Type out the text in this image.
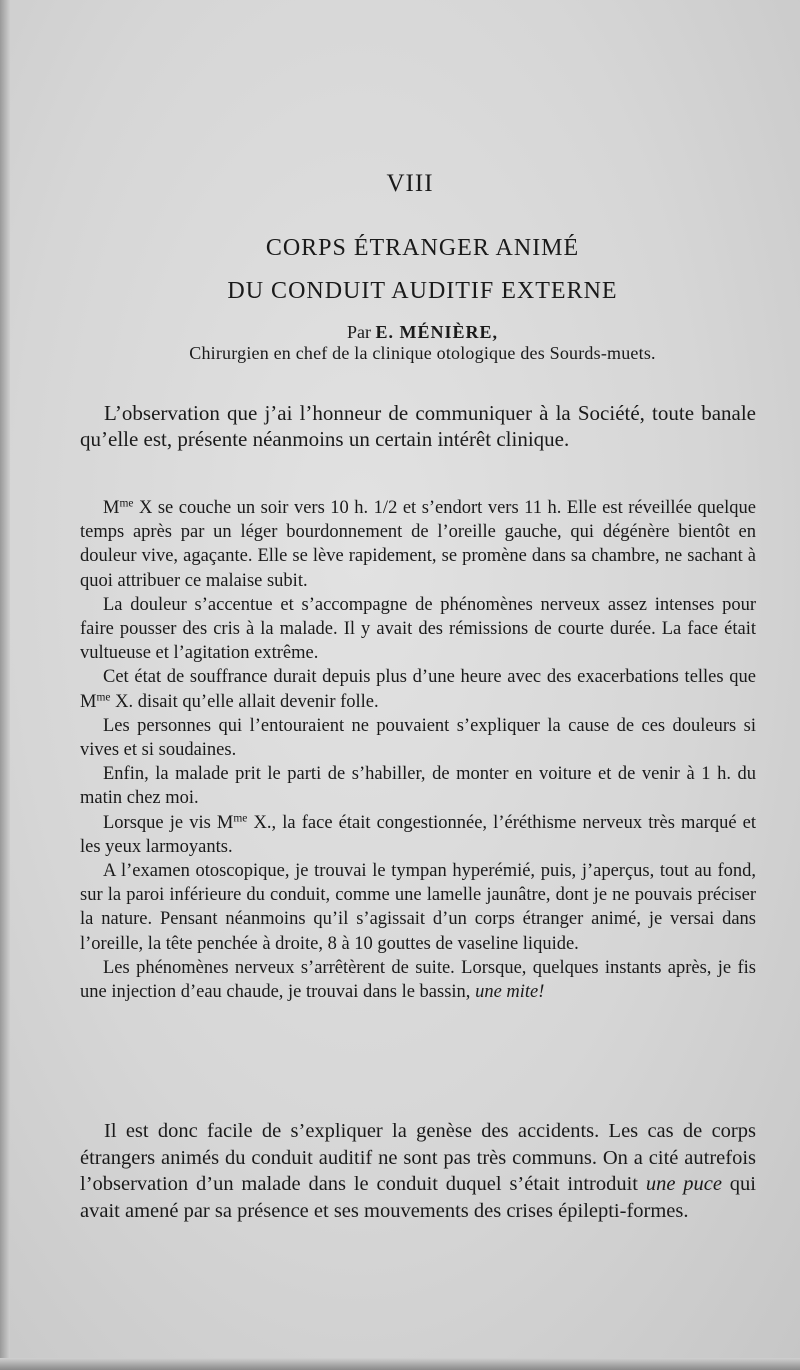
VIII
CORPS ÉTRANGER ANIMÉ
DU CONDUIT AUDITIF EXTERNE
Par E. MÉNIÈRE,
Chirurgien en chef de la clinique otologique des Sourds-muets.

L’observation que j’ai l’honneur de communiquer à la Société, toute banale qu’elle est, présente néanmoins un certain intérêt clinique.

$M^{me}$ X se couche un soir vers 10 h. 1/2 et s’endort vers 11 h. Elle est réveillée quelque temps après par un léger bourdonnement de l’oreille gauche, qui dégénère bientôt en douleur vive, agaçante. Elle se lève rapidement, se promène dans sa chambre, ne sachant à quoi attribuer ce malaise subit.

La douleur s’accentue et s’accompagne de phénomènes nerveux assez intenses pour faire pousser des cris à la malade. Il y avait des rémissions de courte durée. La face était vultueuse et l’agitation extrême.

Cet état de souffrance durait depuis plus d’une heure avec des exacerbations telles que $M^{me}$ X. disait qu’elle allait devenir folle.

Les personnes qui l’entouraient ne pouvaient s’expliquer la cause de ces douleurs si vives et si soudaines.

Enfin, la malade prit le parti de s’habiller, de monter en voiture et de venir à 1 h. du matin chez moi.

Lorsque je vis $M^{me}$ X., la face était congestionnée, l’éréthisme nerveux très marqué et les yeux larmoyants.

A l’examen otoscopique, je trouvai le tympan hyperémié, puis, j’aperçus, tout au fond, sur la paroi inférieure du conduit, comme une lamelle jaunâtre, dont je ne pouvais préciser la nature. Pensant néanmoins qu’il s’agissait d’un corps étranger animé, je versai dans l’oreille, la tête penchée à droite, 8 à 10 gouttes de vaseline liquide.

Les phénomènes nerveux s’arrêtèrent de suite. Lorsque, quelques instants après, je fis une injection d’eau chaude, je trouvai dans le bassin, une mite!

Il est donc facile de s’expliquer la genèse des accidents. Les cas de corps étrangers animés du conduit auditif ne sont pas très communs. On a cité autrefois l’observation d’un malade dans le conduit duquel s’était introduit une puce qui avait amené par sa présence et ses mouvements des crises épilepti-formes.
